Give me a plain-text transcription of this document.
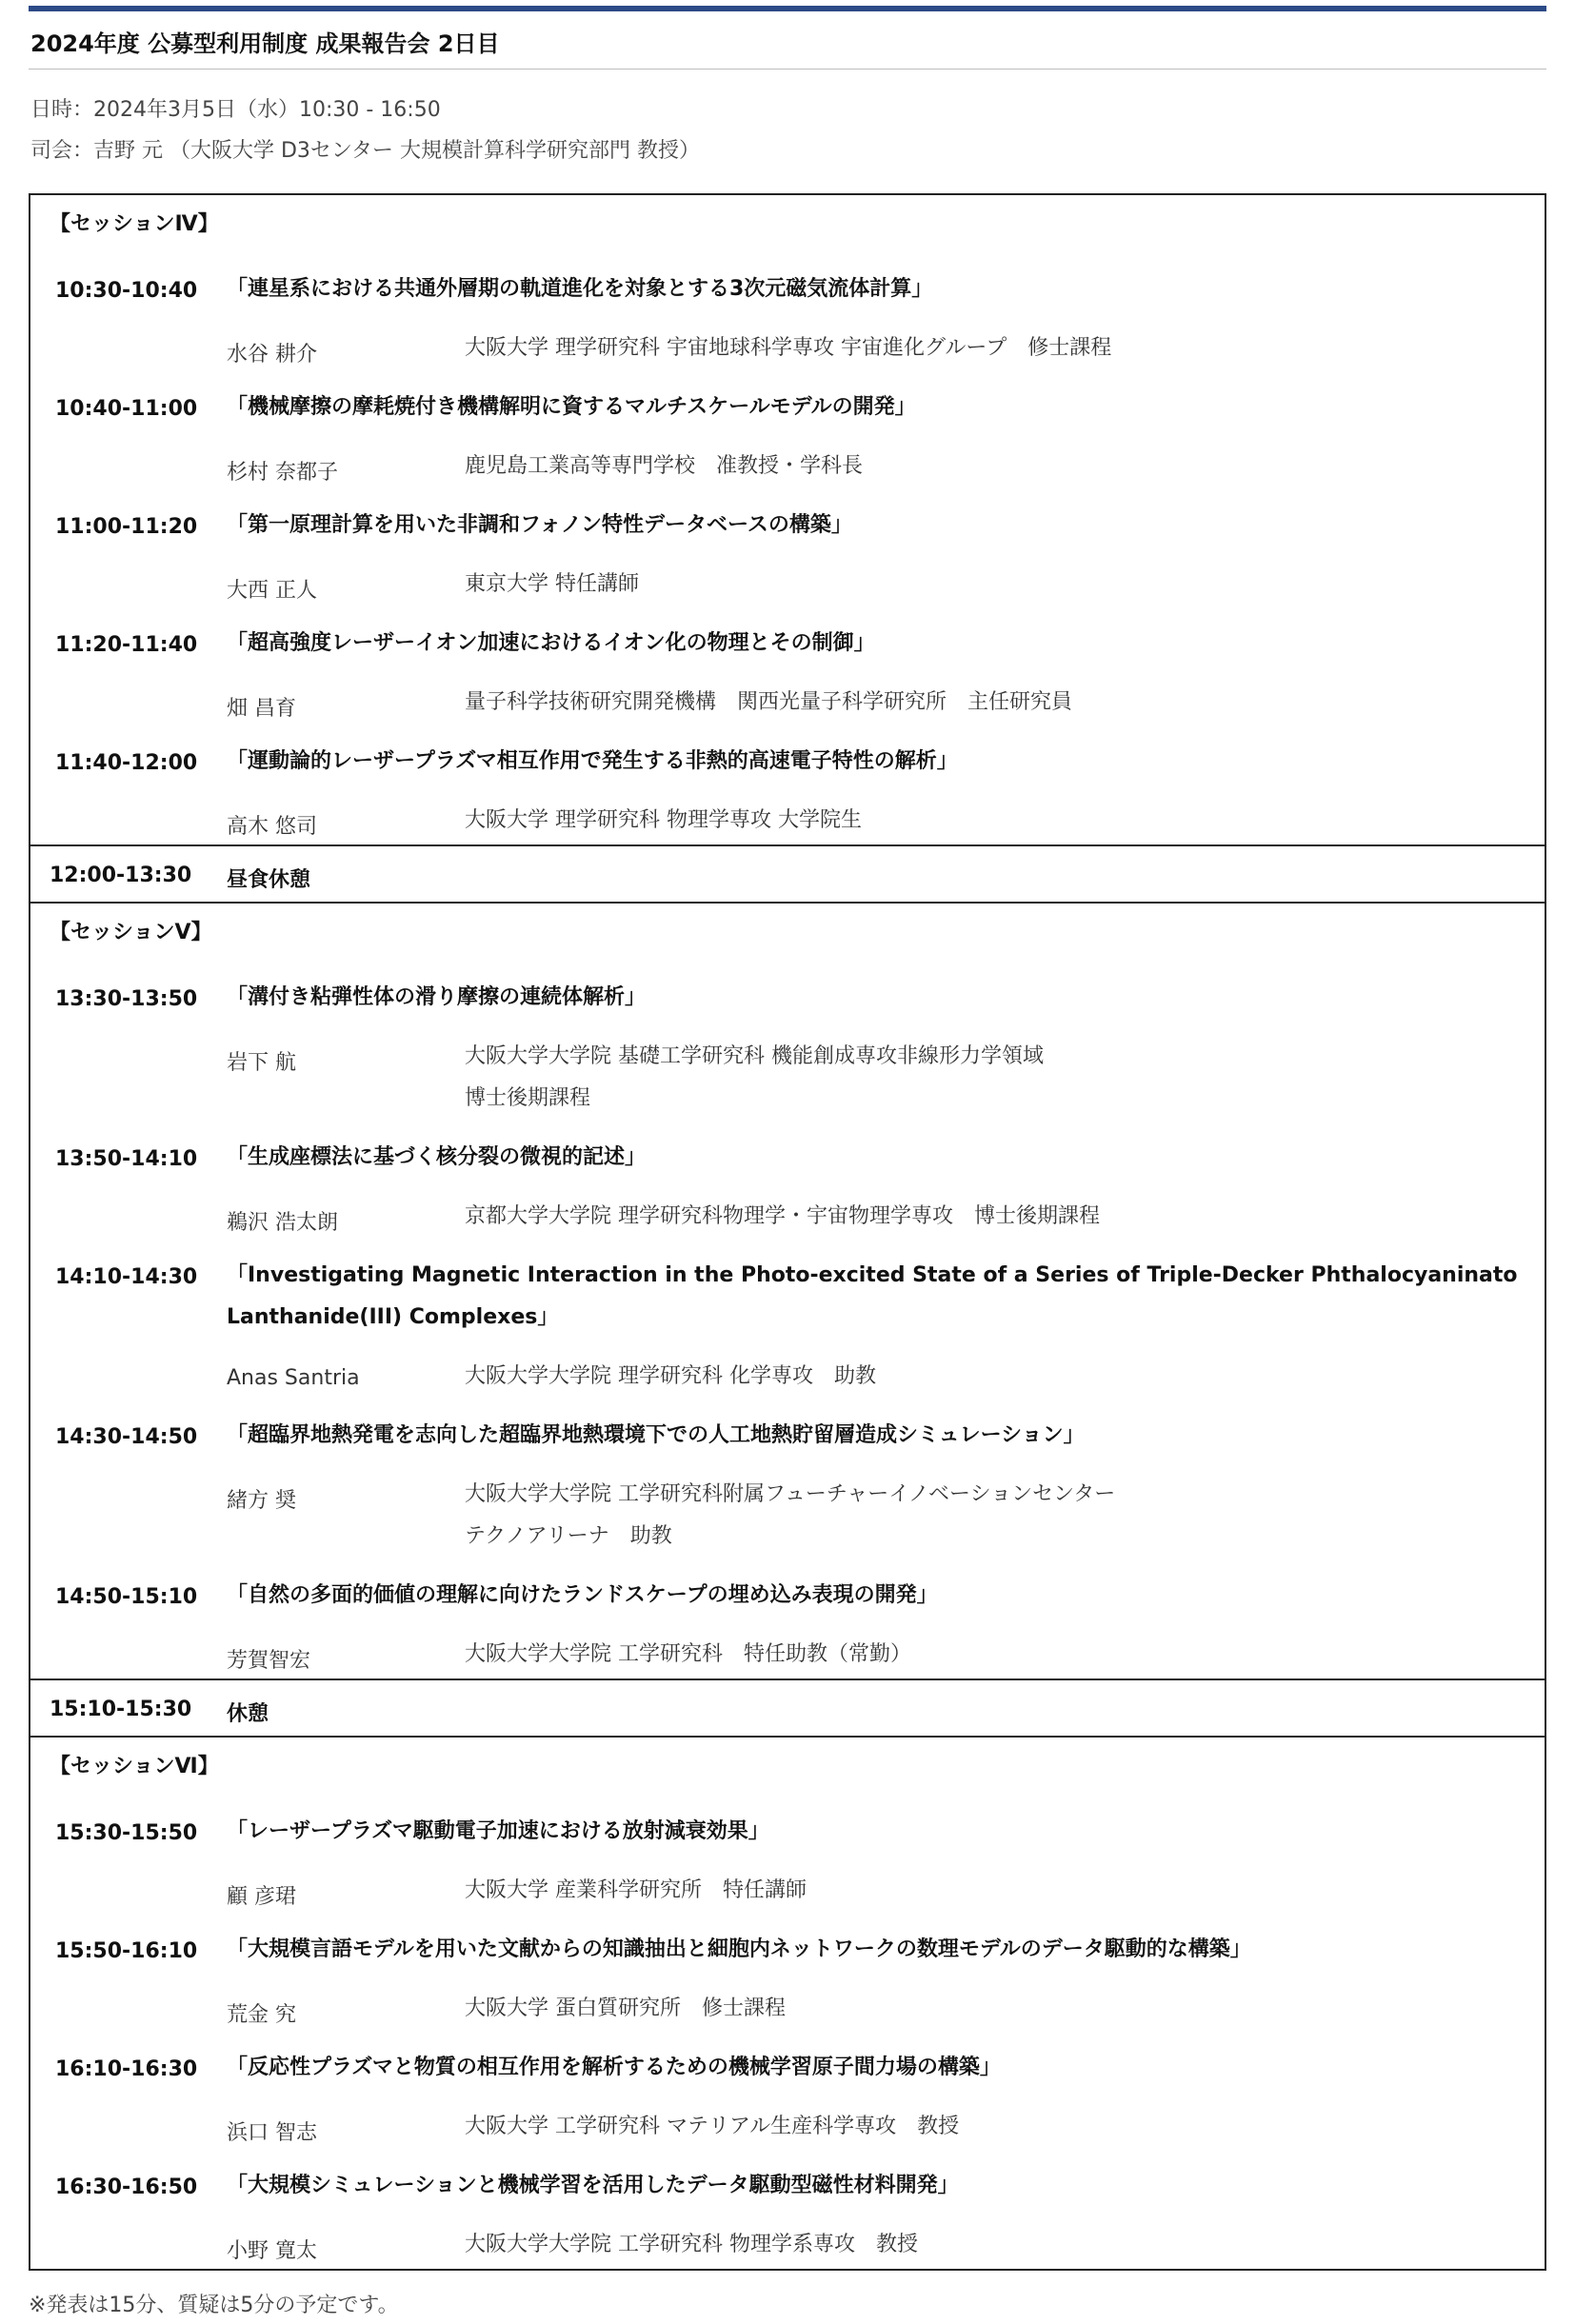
2024年度 公募型利用制度 成果報告会 2日目
日時：2024年3月5日（水）10:30 - 16:50
司会：吉野 元 （大阪大学 D3センター 大規模計算科学研究部門 教授）
【セッションⅣ】
10:30-10:40 「連星系における共通外層期の軌道進化を対象とする3次元磁気流体計算」
水谷 耕介	大阪大学 理学研究科 宇宙地球科学専攻 宇宙進化グループ　修士課程
10:40-11:00 「機械摩擦の摩耗焼付き機構解明に資するマルチスケールモデルの開発」
杉村 奈都子	鹿児島工業高等専門学校　准教授・学科長
11:00-11:20 「第一原理計算を用いた非調和フォノン特性データベースの構築」
大西 正人	東京大学 特任講師
11:20-11:40 「超高強度レーザーイオン加速におけるイオン化の物理とその制御」
畑 昌育	量子科学技術研究開発機構　関西光量子科学研究所　主任研究員
11:40-12:00 「運動論的レーザープラズマ相互作用で発生する非熱的高速電子特性の解析」
高木 悠司	大阪大学 理学研究科 物理学専攻 大学院生
12:00-13:30 昼食休憩
【セッションⅤ】
13:30-13:50 「溝付き粘弾性体の滑り摩擦の連続体解析」
岩下 航	大阪大学大学院 基礎工学研究科 機能創成専攻非線形力学領域
博士後期課程
13:50-14:10 「生成座標法に基づく核分裂の微視的記述」
鵜沢 浩太朗	京都大学大学院 理学研究科物理学・宇宙物理学専攻　博士後期課程
14:10-14:30 「Investigating Magnetic Interaction in the Photo-excited State of a Series of Triple-Decker Phthalocyaninato
Lanthanide(III) Complexes」
Anas Santria	大阪大学大学院 理学研究科 化学専攻　助教
14:30-14:50 「超臨界地熱発電を志向した超臨界地熱環境下での人工地熱貯留層造成シミュレーション」
緒方 奨	大阪大学大学院 工学研究科附属フューチャーイノベーションセンター
テクノアリーナ　助教
14:50-15:10 「自然の多面的価値の理解に向けたランドスケープの埋め込み表現の開発」
芳賀智宏	大阪大学大学院 工学研究科　特任助教（常勤）
15:10-15:30 休憩
【セッションⅥ】
15:30-15:50 「レーザープラズマ駆動電子加速における放射減衰効果」
顧 彦珺	大阪大学 産業科学研究所　特任講師
15:50-16:10 「大規模言語モデルを用いた文献からの知識抽出と細胞内ネットワークの数理モデルのデータ駆動的な構築」
荒金 究	大阪大学 蛋白質研究所　修士課程
16:10-16:30 「反応性プラズマと物質の相互作用を解析するための機械学習原子間力場の構築」
浜口 智志	大阪大学 工学研究科 マテリアル生産科学専攻　教授
16:30-16:50 「大規模シミュレーションと機械学習を活用したデータ駆動型磁性材料開発」
小野 寛太	大阪大学大学院 工学研究科 物理学系専攻　教授
※発表は15分、質疑は5分の予定です。
